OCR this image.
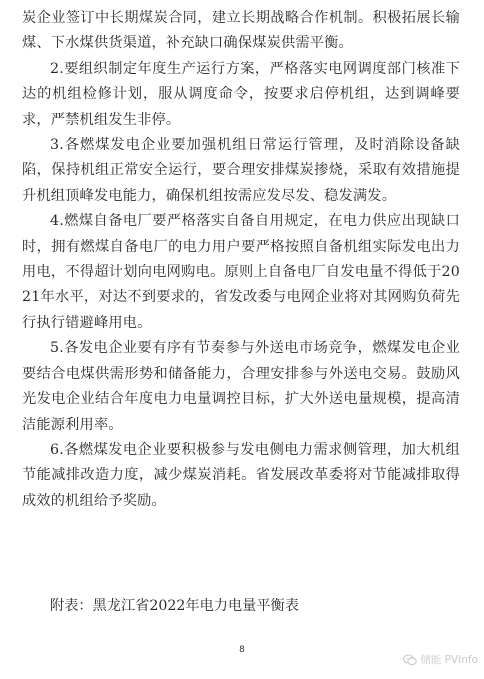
炭企业签订中长期煤炭合同，建立长期战略合作机制。积极拓展长输煤、下水煤供货渠道，补充缺口确保煤炭供需平衡。

2.要组织制定年度生产运行方案，严格落实电网调度部门核准下达的机组检修计划，服从调度命令，按要求启停机组，达到调峰要求，严禁机组发生非停。

3.各燃煤发电企业要加强机组日常运行管理，及时消除设备缺陷，保持机组正常安全运行，要合理安排煤炭掺烧，采取有效措施提升机组顶峰发电能力，确保机组按需应发尽发、稳发满发。

4.燃煤自备电厂要严格落实自备自用规定，在电力供应出现缺口时，拥有燃煤自备电厂的电力用户要严格按照自备机组实际发电出力用电，不得超计划向电网购电。原则上自备电厂自发电量不得低于2021年水平，对达不到要求的，省发改委与电网企业将对其网购负荷先行执行错避峰用电。

5.各发电企业要有序有节奏参与外送电市场竞争，燃煤发电企业要结合电煤供需形势和储备能力，合理安排参与外送电交易。鼓励风光发电企业结合年度电力电量调控目标，扩大外送电量规模，提高清洁能源利用率。

6.各燃煤发电企业要积极参与发电侧电力需求侧管理，加大机组节能减排改造力度，减少煤炭消耗。省发展改革委将对节能减排取得成效的机组给予奖励。

附表：黑龙江省2022年电力电量平衡表
8
储能 PVInfo
